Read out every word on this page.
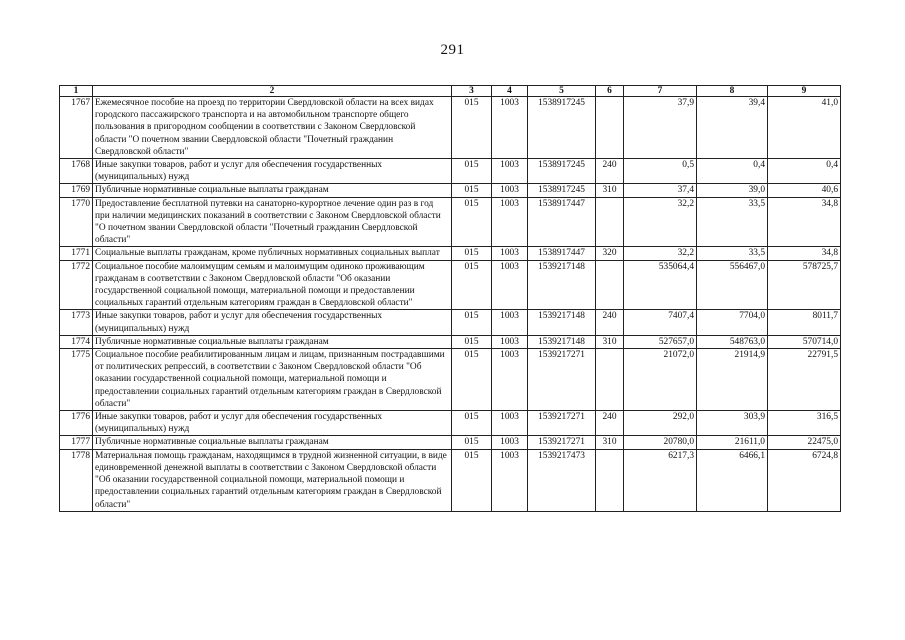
291
1	2	3	4	5	6	7	8	9
1767	Ежемесячное пособие на проезд по территории Свердловской области на всех видах городского пассажирского транспорта и на автомобильном транспорте общего пользования в пригородном сообщении в соответствии с Законом Свердловской области "О почетном звании Свердловской области "Почетный гражданин Свердловской области"	015	1003	1538917245		37,9	39,4	41,0
1768	Иные закупки товаров, работ и услуг для обеспечения государственных (муниципальных) нужд	015	1003	1538917245	240	0,5	0,4	0,4
1769	Публичные нормативные социальные выплаты гражданам	015	1003	1538917245	310	37,4	39,0	40,6
1770	Предоставление бесплатной путевки на санаторно-курортное лечение один раз в год при наличии медицинских показаний в соответствии с Законом Свердловской области "О почетном звании Свердловской области "Почетный гражданин Свердловской области"	015	1003	1538917447		32,2	33,5	34,8
1771	Социальные выплаты гражданам, кроме публичных нормативных социальных выплат	015	1003	1538917447	320	32,2	33,5	34,8
1772	Социальное пособие малоимущим семьям и малоимущим одиноко проживающим гражданам в соответствии с Законом Свердловской области "Об оказании государственной социальной помощи, материальной помощи и предоставлении социальных гарантий отдельным категориям граждан в Свердловской области"	015	1003	1539217148		535064,4	556467,0	578725,7
1773	Иные закупки товаров, работ и услуг для обеспечения государственных (муниципальных) нужд	015	1003	1539217148	240	7407,4	7704,0	8011,7
1774	Публичные нормативные социальные выплаты гражданам	015	1003	1539217148	310	527657,0	548763,0	570714,0
1775	Социальное пособие реабилитированным лицам и лицам, признанным пострадавшими от политических репрессий, в соответствии с Законом Свердловской области "Об оказании государственной социальной помощи, материальной помощи и предоставлении социальных гарантий отдельным категориям граждан в Свердловской области"	015	1003	1539217271		21072,0	21914,9	22791,5
1776	Иные закупки товаров, работ и услуг для обеспечения государственных (муниципальных) нужд	015	1003	1539217271	240	292,0	303,9	316,5
1777	Публичные нормативные социальные выплаты гражданам	015	1003	1539217271	310	20780,0	21611,0	22475,0
1778	Материальная помощь гражданам, находящимся в трудной жизненной ситуации, в виде единовременной денежной выплаты в соответствии с Законом Свердловской области "Об оказании государственной социальной помощи, материальной помощи и предоставлении социальных гарантий отдельным категориям граждан в Свердловской области"	015	1003	1539217473		6217,3	6466,1	6724,8
